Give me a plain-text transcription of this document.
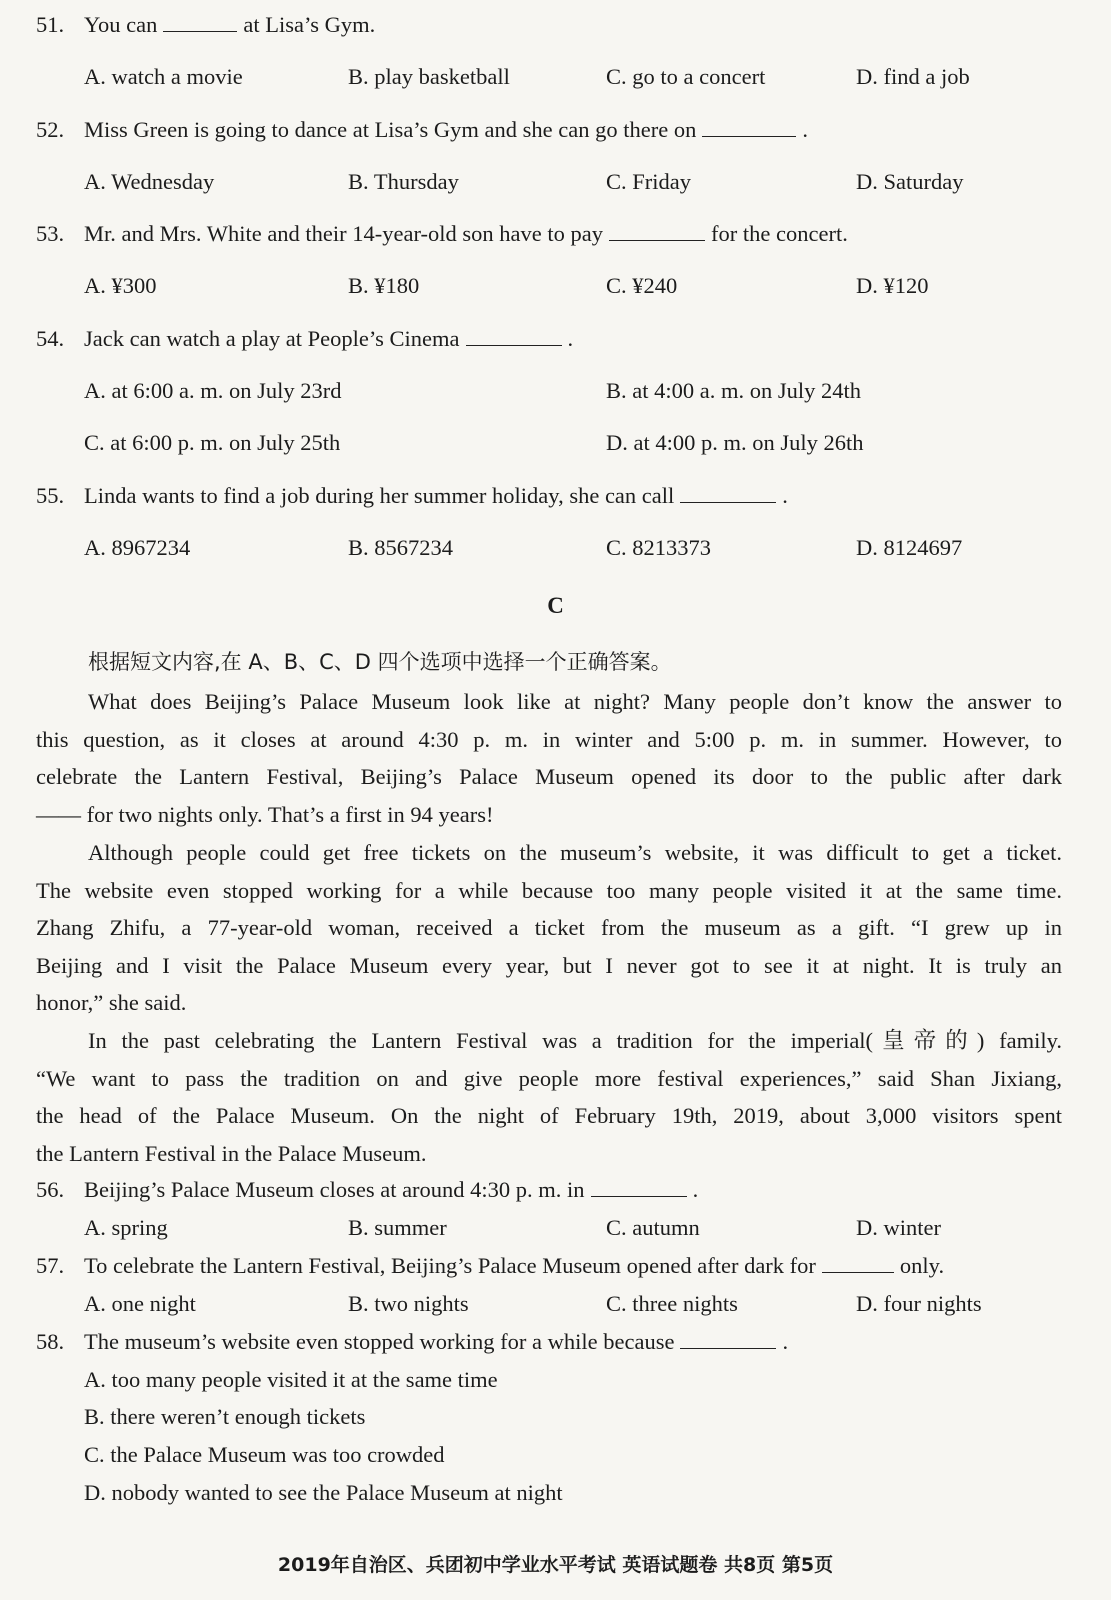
51. You can	at Lisa’s Gym.
A. watch a movie	B. play basketball	C. go to a concert	D. find a job
52. Miss Green is going to dance at Lisa’s Gym and she can go there on	.
A. Wednesday	B. Thursday	C. Friday	D. Saturday
53. Mr. and Mrs. White and their 14-year-old son have to pay	for the concert.
A. ¥300	B. ¥180	C. ¥240	D. ¥120
54. Jack can watch a play at People’s Cinema	.
A. at 6:00 a. m. on July 23rd	B. at 4:00 a. m. on July 24th
C. at 6:00 p. m. on July 25th	D. at 4:00 p. m. on July 26th
55. Linda wants to find a job during her summer holiday, she can call	.
A. 8967234	B. 8567234	C. 8213373	D. 8124697
C
根据短文内容,在 A、B、C、D 四个选项中选择一个正确答案。
What does Beijing’s Palace Museum look like at night? Many people don’t know the answer to
this question, as it closes at around 4:30 p. m. in winter and 5:00 p. m. in summer. However, to
celebrate the Lantern Festival, Beijing’s Palace Museum opened its door to the public after dark
—— for two nights only. That’s a first in 94 years!
Although people could get free tickets on the museum’s website, it was difficult to get a ticket.
The website even stopped working for a while because too many people visited it at the same time.
Zhang Zhifu, a 77-year-old woman, received a ticket from the museum as a gift. “I grew up in
Beijing and I visit the Palace Museum every year, but I never got to see it at night. It is truly an
honor,” she said.
In the past celebrating the Lantern Festival was a tradition for the imperial(皇帝的) family.
“We want to pass the tradition on and give people more festival experiences,” said Shan Jixiang,
the head of the Palace Museum. On the night of February 19th, 2019, about 3,000 visitors spent
the Lantern Festival in the Palace Museum.
56. Beijing’s Palace Museum closes at around 4:30 p. m. in	.
A. spring	B. summer	C. autumn	D. winter
57. To celebrate the Lantern Festival, Beijing’s Palace Museum opened after dark for	only.
A. one night	B. two nights	C. three nights	D. four nights
58. The museum’s website even stopped working for a while because	.
A. too many people visited it at the same time
B. there weren’t enough tickets
C. the Palace Museum was too crowded
D. nobody wanted to see the Palace Museum at night
2019年自治区、兵团初中学业水平考试 英语试题卷 共8页 第5页
